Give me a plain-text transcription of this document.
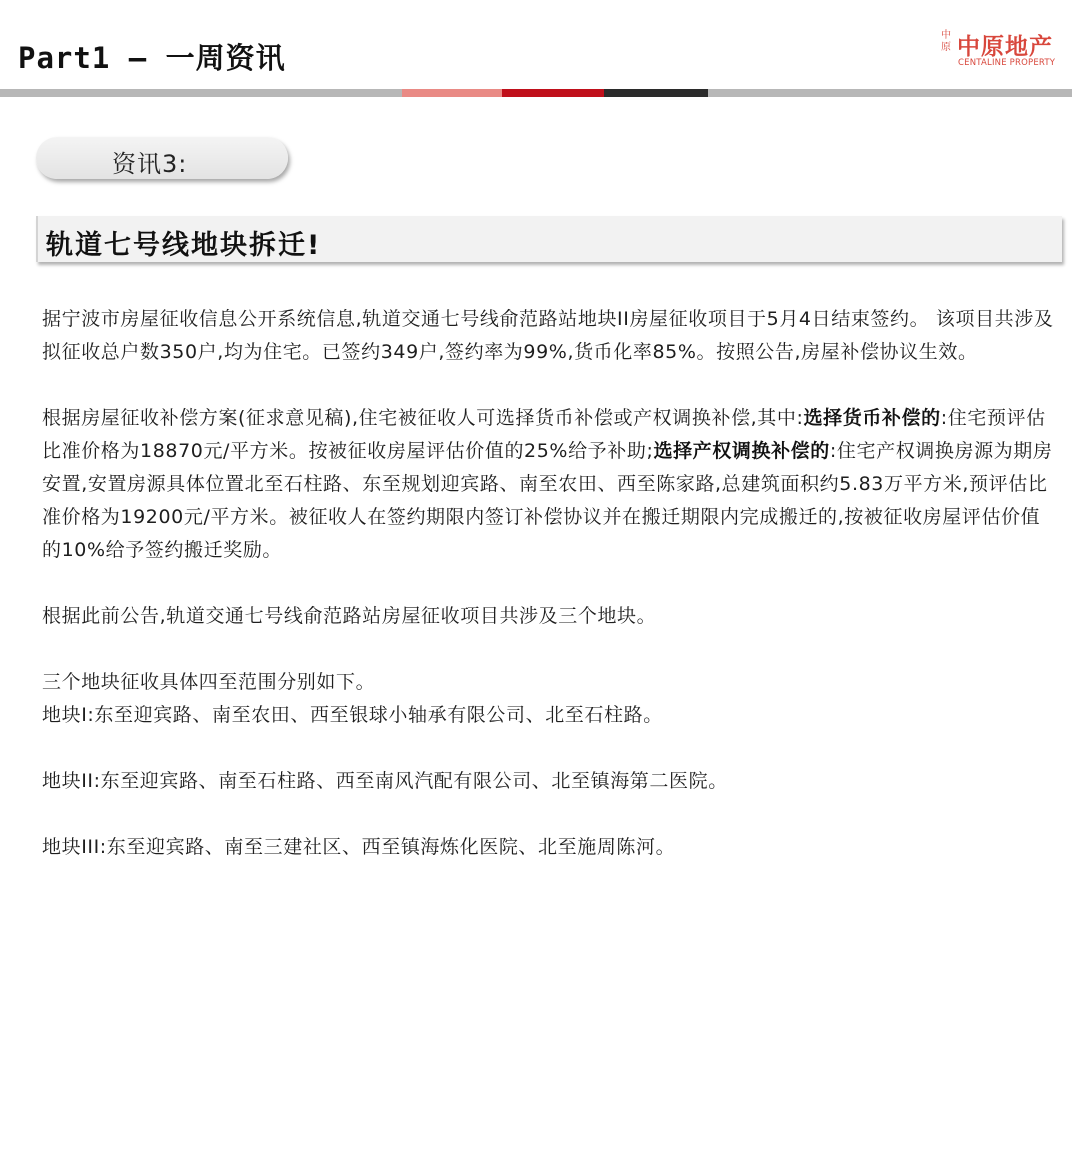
Part1 – 一周资讯
中原 中原地产
CENTALINE PROPERTY
资讯3:
轨道七号线地块拆迁!

据宁波市房屋征收信息公开系统信息,轨道交通七号线俞范路站地块II房屋征收项目于5月4日结束签约。 该项目共涉及拟征收总户数350户,均为住宅。已签约349户,签约率为99%,货币化率85%。按照公告,房屋补偿协议生效。

根据房屋征收补偿方案(征求意见稿),住宅被征收人可选择货币补偿或产权调换补偿,其中:选择货币补偿的:住宅预评估比准价格为18870元/平方米。按被征收房屋评估价值的25%给予补助;选择产权调换补偿的:住宅产权调换房源为期房安置,安置房源具体位置北至石柱路、东至规划迎宾路、南至农田、西至陈家路,总建筑面积约5.83万平方米,预评估比准价格为19200元/平方米。被征收人在签约期限内签订补偿协议并在搬迁期限内完成搬迁的,按被征收房屋评估价值的10%给予签约搬迁奖励。

根据此前公告,轨道交通七号线俞范路站房屋征收项目共涉及三个地块。

三个地块征收具体四至范围分别如下。

地块I:东至迎宾路、南至农田、西至银球小轴承有限公司、北至石柱路。

地块II:东至迎宾路、南至石柱路、西至南风汽配有限公司、北至镇海第二医院。

地块III:东至迎宾路、南至三建社区、西至镇海炼化医院、北至施周陈河。
